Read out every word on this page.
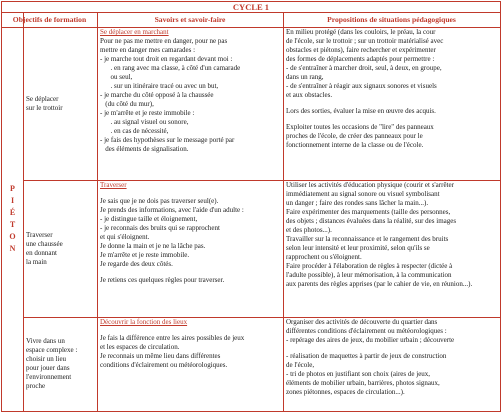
CYCLE 1
Objectifs de formation	Savoirs et savoir-faire	Propositions de situations pédagogiques
P
I
É
T
O
N

Se déplacer
sur le trottoir

Se déplacer en marchant

Pour ne pas me mettre en danger, pour ne pas

mettre en danger mes camarades :

- je marche tout droit en regardant devant moi :

. en rang avec ma classe, à côté d'un camarade

ou seul,

. sur un itinéraire tracé ou avec un but,

- je marche du côté opposé à la chaussée

(du côté du mur),

- je m'arrête et je reste immobile :

. au signal visuel ou sonore,

. en cas de nécessité,

- je fais des hypothèses sur le message porté par

des éléments de signalisation.

En milieu protégé (dans les couloirs, le préau, la cour

de l'école, sur le trottoir ; sur un trottoir matérialisé avec

obstacles et piétons), faire rechercher et expérimenter

des formes de déplacements adaptés pour permettre :

- de s'entraîner à marcher droit, seul, à deux, en groupe,

dans un rang,

- de s'entraîner à réagir aux signaux sonores et visuels

et aux obstacles.

Lors des sorties, évaluer la mise en œuvre des acquis.

Exploiter toutes les occasions de "lire" des panneaux

proches de l'école, de créer des panneaux pour le

fonctionnement interne de la classe ou de l'école.

Traverser
une chaussée
en donnant
la main

Traverser

Je sais que je ne dois pas traverser seul(e).

Je prends des informations, avec l'aide d'un adulte :

- je distingue taille et éloignement,

- je reconnais des bruits qui se rapprochent

et qui s'éloignent.

Je donne la main et je ne la lâche pas.

Je m'arrête et je reste immobile.

Je regarde des deux côtés.

Je retiens ces quelques règles pour traverser.

Utiliser les activités d'éducation physique (courir et s'arrêter

immédiatement au signal sonore ou visuel symbolisant

un danger ; faire des rondes sans lâcher la main...).

Faire expérimenter des marquements (taille des personnes,

des objets ; distances évaluées dans la réalité, sur des images

et des photos...).

Travailler sur la reconnaissance et le rangement des bruits

selon leur intensité et leur proximité, selon qu'ils se

rapprochent ou s'éloignent.

Faire procéder à l'élaboration de règles à respecter (dictée à

l'adulte possible), à leur mémorisation, à la communication

aux parents des règles apprises (par le cahier de vie, en réunion...).

Vivre dans un
espace complexe :
choisir un lieu
pour jouer dans
l'environnement
proche

Découvrir la fonction des lieux

Je fais la différence entre les aires possibles de jeux

et les espaces de circulation.

Je reconnais un même lieu dans différentes

conditions d'éclairement ou météorologiques.

Organiser des activités de découverte du quartier dans

différentes conditions d'éclairement ou météorologiques :

- repérage des aires de jeux, du mobilier urbain ; découverte

- réalisation de maquettes à partir de jeux de construction

de l'école,

- tri de photos en justifiant son choix (aires de jeux,

éléments de mobilier urbain, barrières, photos signaux,

zones piétonnes, espaces de circulation...).
